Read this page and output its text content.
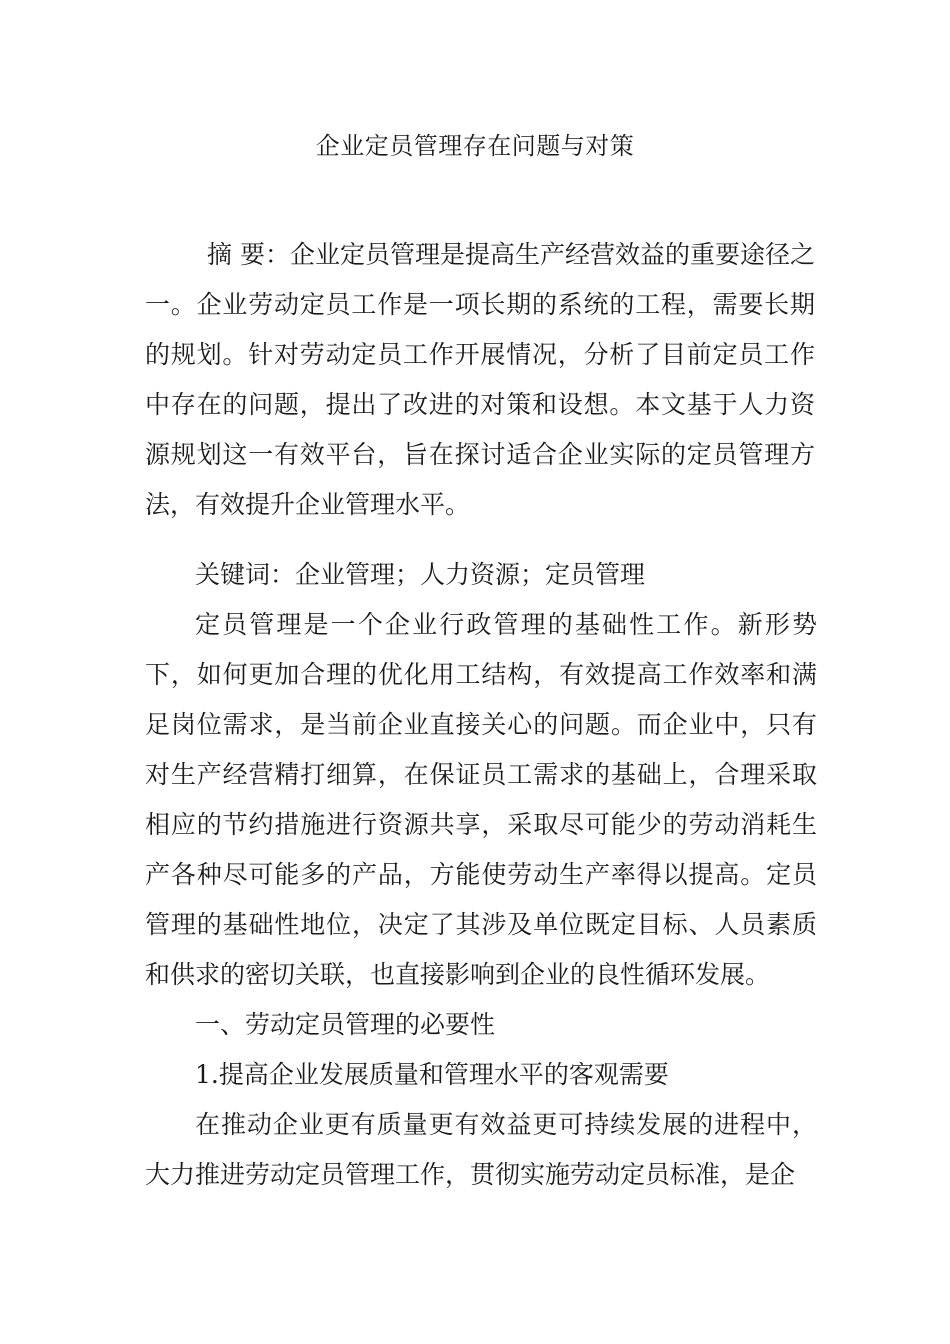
企业定员管理存在问题与对策
摘 要：企业定员管理是提高生产经营效益的重要途径之一。企业劳动定员工作是一项长期的系统的工程，需要长期的规划。针对劳动定员工作开展情况，分析了目前定员工作中存在的问题，提出了改进的对策和设想。本文基于人力资源规划这一有效平台，旨在探讨适合企业实际的定员管理方法，有效提升企业管理水平。

关键词：企业管理；人力资源；定员管理

定员管理是一个企业行政管理的基础性工作。新形势下，如何更加合理的优化用工结构，有效提高工作效率和满足岗位需求，是当前企业直接关心的问题。而企业中，只有对生产经营精打细算，在保证员工需求的基础上，合理采取相应的节约措施进行资源共享，采取尽可能少的劳动消耗生产各种尽可能多的产品，方能使劳动生产率得以提高。定员管理的基础性地位，决定了其涉及单位既定目标、人员素质和供求的密切关联，也直接影响到企业的良性循环发展。

一、劳动定员管理的必要性

1.提高企业发展质量和管理水平的客观需要

在推动企业更有质量更有效益更可持续发展的进程中，大力推进劳动定员管理工作，贯彻实施劳动定员标准，是企
